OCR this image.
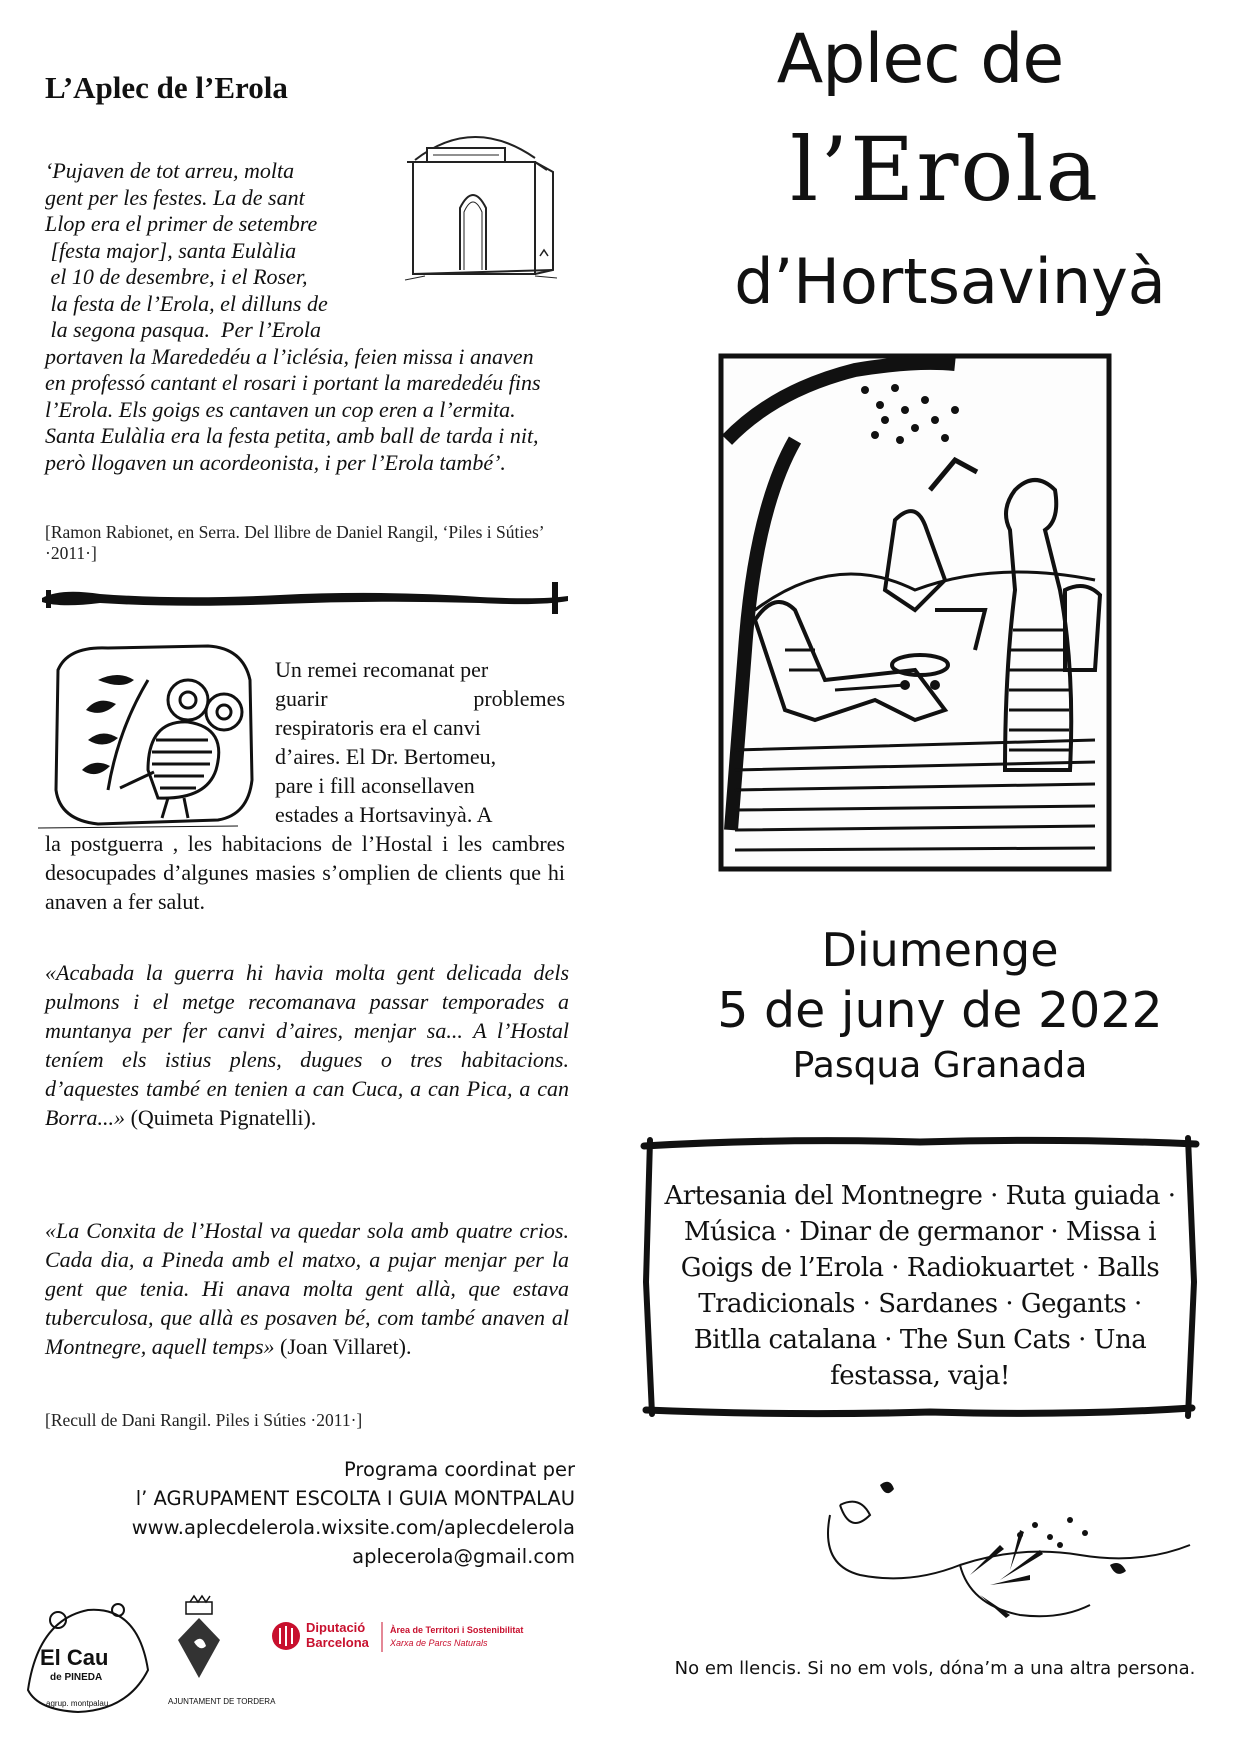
L’Aplec de l’Erola
‘Pujaven de tot arreu, molta
gent per les festes. La de sant
Llop era el primer de setembre
[festa major], santa Eulàlia
el 10 de desembre, i el Roser,
la festa de l’Erola, el dilluns de
la segona pasqua.  Per l’Erola
portaven la Marededéu a l’iclésia, feien missa i anaven en professó cantant el rosari i portant la marededéu fins l’Erola. Els goigs es cantaven un cop eren a l’ermita. Santa Eulàlia era la festa petita, amb ball de tarda i nit, però llogaven un acordeonista, i per l’Erola també’.
[Ramon Rabionet, en Serra. Del llibre de Daniel Rangil, ‘Piles i Súties’ ·2011·]
Un remei recomanat per
guarir problemes
respiratoris era el canvi
d’aires. El Dr. Bertomeu,
pare i fill aconsellaven
estades a Hortsavinyà. A
la postguerra , les habitacions de l’Hostal i les cambres desocupades d’algunes masies s’omplien de clients que hi anaven a fer salut.
«Acabada la guerra hi havia molta gent delicada dels pulmons i el metge recomanava passar temporades a muntanya per fer canvi d’aires, menjar sa... A l’Hostal teníem els istius plens, dugues o tres habitacions. d’aquestes també en tenien a can Cuca, a can Pica, a can Borra...» (Quimeta Pignatelli).
«La Conxita de l’Hostal va quedar sola amb quatre crios. Cada dia, a Pineda amb el matxo, a pujar menjar per la gent que tenia. Hi anava molta gent allà, que estava tuberculosa, que allà es posaven bé, com també anaven al Montnegre, aquell temps» (Joan Villaret).
[Recull de Dani Rangil. Piles i Súties ·2011·]
Programa coordinat per
l’ AGRUPAMENT ESCOLTA I GUIA MONTPALAU
www.aplecdelerola.wixsite.com/aplecdelerola
aplecerola@gmail.com
El Cau
de PINEDA
agrup. montpalau	AJUNTAMENT DE TORDERA
Diputació
Barcelona
Àrea de Territori i Sostenibilitat
Xarxa de Parcs Naturals
Aplec de
l’Erola
d’Hortsavinyà
Diumenge
5 de juny de 2022
Pasqua Granada
Artesania del Montnegre · Ruta guiada · Música · Dinar de germanor · Missa i Goigs de l’Erola · Radiokuartet · Balls Tradicionals · Sardanes · Gegants · Bitlla catalana · The Sun Cats · Una festassa, vaja!
No em llencis. Si no em vols, dóna’m a una altra persona.
